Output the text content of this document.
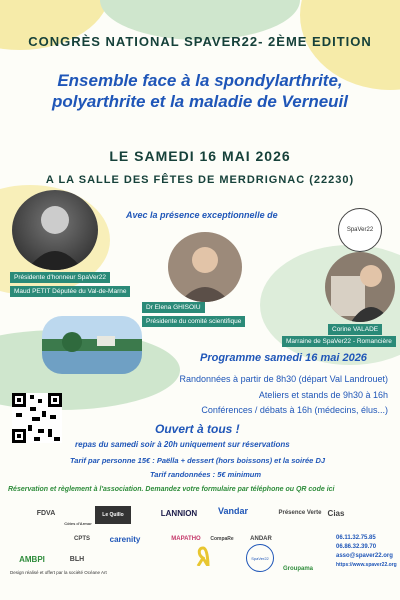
CONGRÈS NATIONAL SPAVER22- 2ÈME EDITION
Ensemble face à la spondylarthrite,
polyarthrite et la maladie de Verneuil
LE SAMEDI 16 MAI 2026
A LA SALLE DES FÊTES DE MERDRIGNAC (22230)
Avec la présence exceptionnelle de
SpaVer22
Présidente d'honneur SpaVer22
Maud PETIT Députée du Val-de-Marne
Dr Elena GHISOIU
Présidente du comité scientifique
Corine VALADE
Marraine de SpaVer22 - Romancière
Programme samedi 16 mai 2026
Randonnées à partir de 8h30 (départ Val Landrouet)
Ateliers et stands de 9h30 à 16h
Conférences / débats à 16h (médecins, élus...)
Ouvert à tous !
repas du samedi soir à 20h uniquement sur réservations
Tarif par personne 15€ : Paëlla + dessert (hors boissons) et la soirée DJ
Tarif randonnées : 5€ minimum
Réservation et règlement à l'association. Demandez votre formulaire par téléphone ou QR code ici
FDVA
Côtes d'Armor
Le Quillo	LANNION	Vandar	Présence Verte Cias
CPTS	carenity	MAPATHO	CompaRe	ANDAR
SpaVer22
AMBPI	BLH
Groupama
06.11.32.75.85
06.86.32.39.70
asso@spaver22.org
https://www.spaver22.org
Design réalisé et offert par la société Océane Art
